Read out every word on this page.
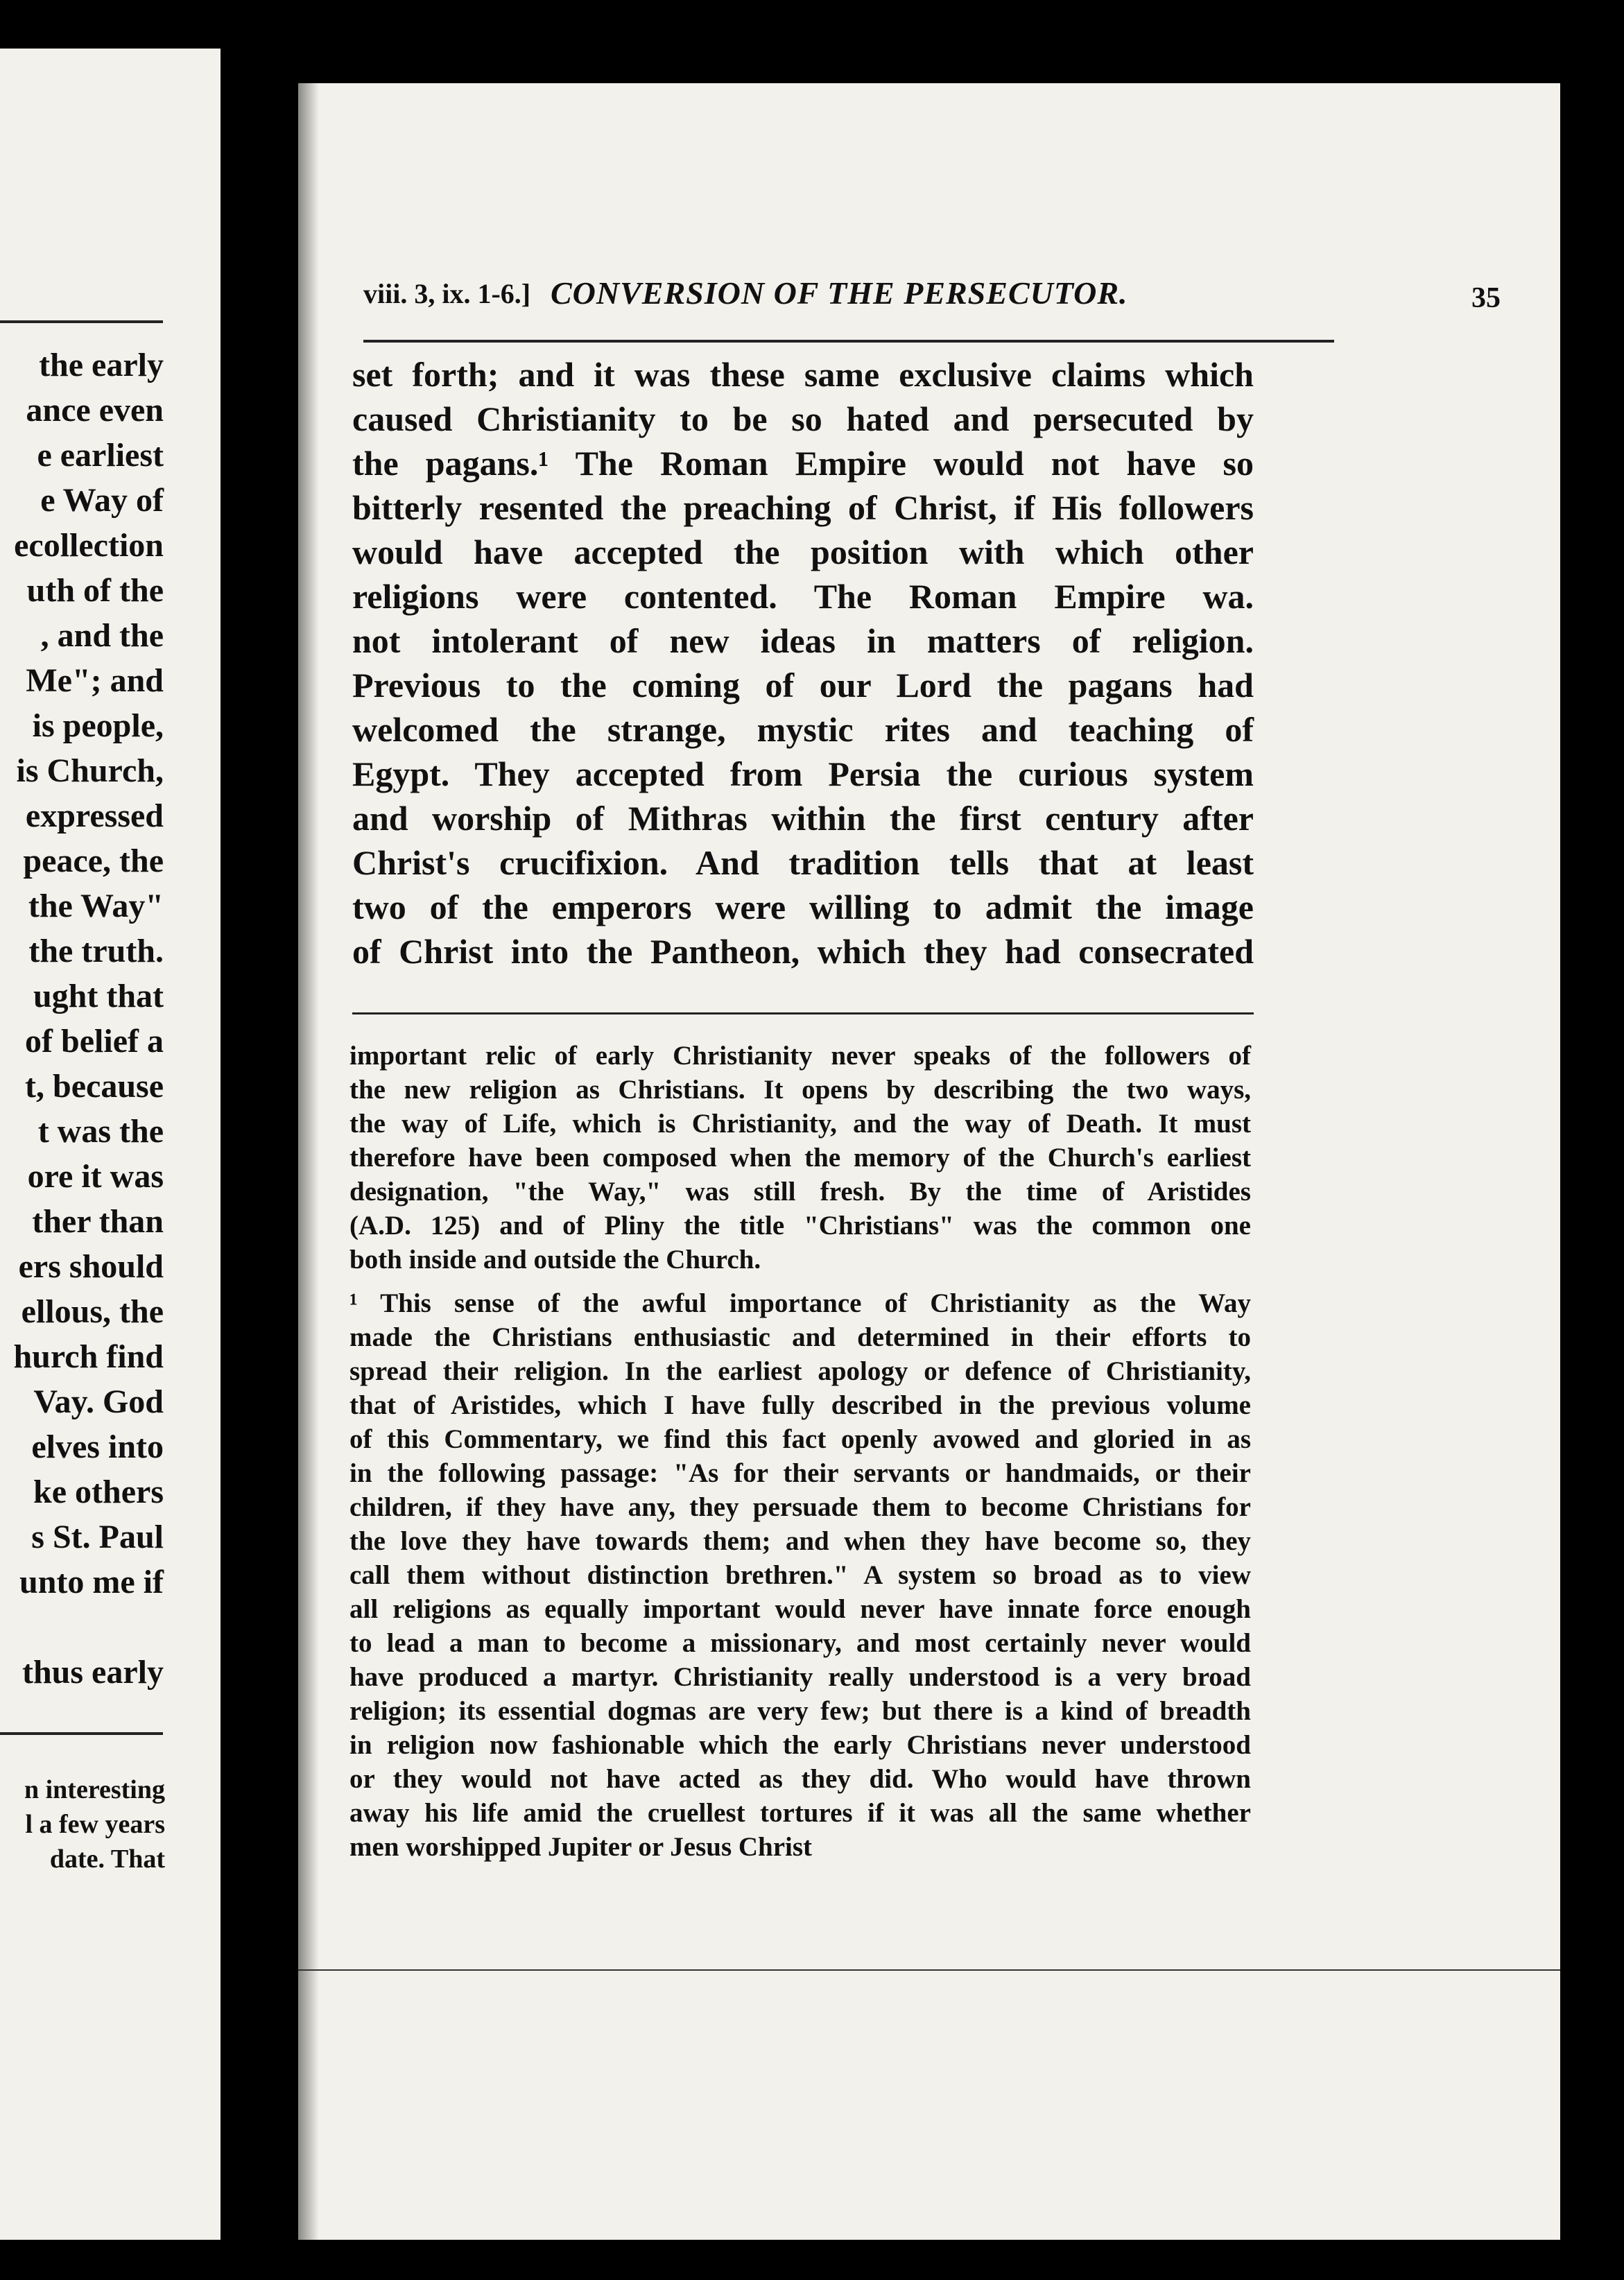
the early
ance even
e earliest
e Way of
ecollection
uth of the
, and the
Me"; and
is people,
is Church,
expressed
peace, the
the Way"
the truth.
ught that
of belief a
t, because
t was the
ore it was
ther than
ers should
ellous, the
hurch find
Vay. God
elves into
ke others
s St. Paul
unto me if
thus early
n interesting
l a few years
date. That
viii. 3, ix. 1-6.] CONVERSION OF THE PERSECUTOR.	35
set forth; and it was these same exclusive claims which
caused Christianity to be so hated and persecuted by
the pagans.¹ The Roman Empire would not have so
bitterly resented the preaching of Christ, if His followers
would have accepted the position with which other
religions were contented. The Roman Empire wa.
not intolerant of new ideas in matters of religion.
Previous to the coming of our Lord the pagans had
welcomed the strange, mystic rites and teaching of
Egypt. They accepted from Persia the curious system
and worship of Mithras within the first century after
Christ's crucifixion. And tradition tells that at least
two of the emperors were willing to admit the image
of Christ into the Pantheon, which they had consecrated
important relic of early Christianity never speaks of the followers of
the new religion as Christians. It opens by describing the two ways,
the way of Life, which is Christianity, and the way of Death. It must
therefore have been composed when the memory of the Church's earliest
designation, "the Way," was still fresh. By the time of Aristides
(A.D. 125) and of Pliny the title "Christians" was the common one
both inside and outside the Church.
¹ This sense of the awful importance of Christianity as the Way
made the Christians enthusiastic and determined in their efforts to
spread their religion. In the earliest apology or defence of Christianity,
that of Aristides, which I have fully described in the previous volume
of this Commentary, we find this fact openly avowed and gloried in as
in the following passage: "As for their servants or handmaids, or their
children, if they have any, they persuade them to become Christians for
the love they have towards them; and when they have become so, they
call them without distinction brethren." A system so broad as to view
all religions as equally important would never have innate force enough
to lead a man to become a missionary, and most certainly never would
have produced a martyr. Christianity really understood is a very broad
religion; its essential dogmas are very few; but there is a kind of breadth
in religion now fashionable which the early Christians never understood
or they would not have acted as they did. Who would have thrown
away his life amid the cruellest tortures if it was all the same whether
men worshipped Jupiter or Jesus Christ
